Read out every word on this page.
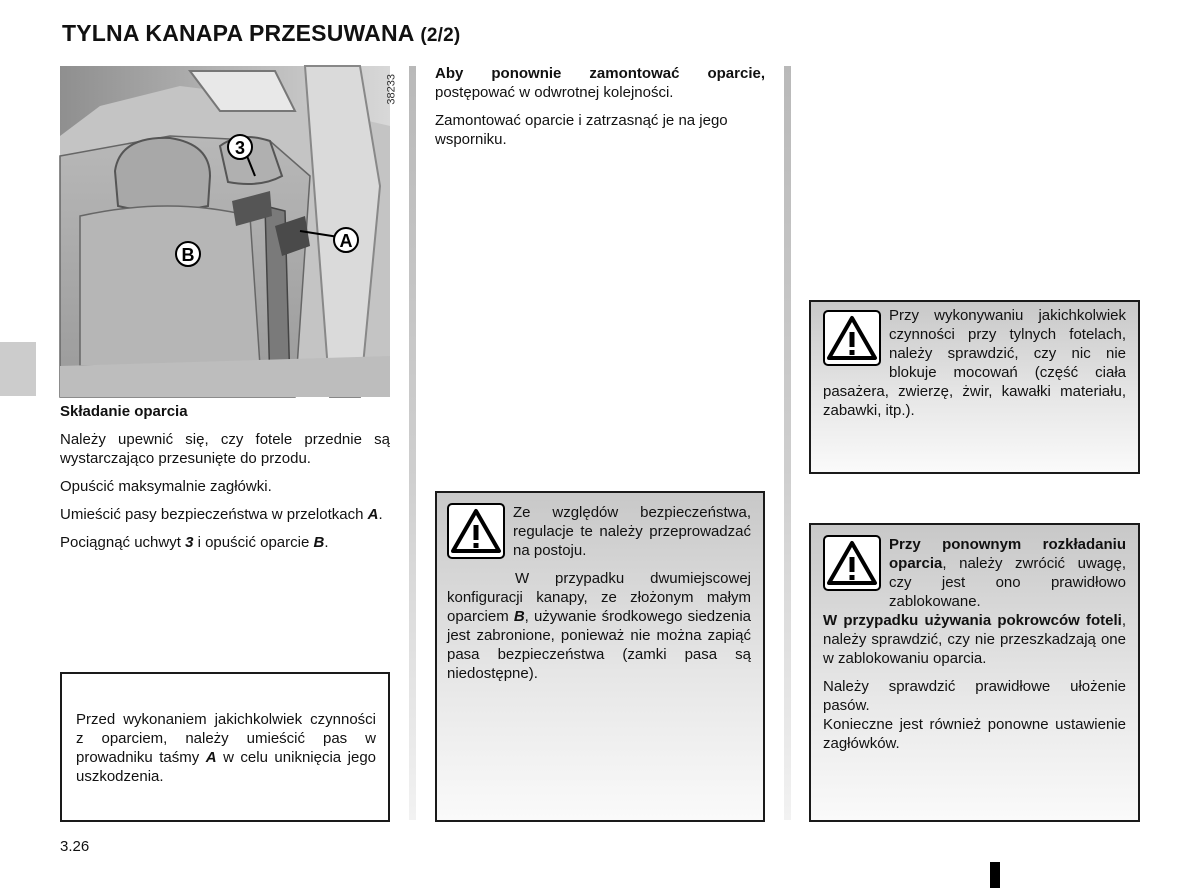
TYLNA KANAPA PRZESUWANA (2/2)
3
A
B
38233

Składanie oparcia

Należy upewnić się, czy fotele przednie są wystarczająco przesunięte do przodu.

Opuścić maksymalnie zagłówki.

Umieścić pasy bezpieczeństwa w przelotkach A.

Pociągnąć uchwyt 3 i opuścić oparcie B.

Przed wykonaniem jakichkolwiek czynności z oparciem, należy umieścić pas w prowadniku taśmy A w celu uniknięcia jego uszkodzenia.

Aby ponownie zamontować oparcie, postępować w odwrotnej kolejności.

Zamontować oparcie i zatrzasnąć je na jego wsporniku.

Ze względów bezpieczeństwa, regulacje te należy przeprowadzać na postoju.

W przypadku dwumiejscowej konfiguracji kanapy, ze złożonym małym oparciem B, używanie środkowego siedzenia jest zabronione, ponieważ nie można zapiąć pasa bezpieczeństwa (zamki pasa są niedostępne).

Przy wykonywaniu jakichkolwiek czynności przy tylnych fotelach, należy sprawdzić, czy nic nie blokuje mocowań (część ciała pasażera, zwierzę, żwir, kawałki materiału, zabawki, itp.).

Przy ponownym rozkładaniu oparcia, należy zwrócić uwagę, czy jest ono prawidłowo zablokowane.
W przypadku używania pokrowców foteli, należy sprawdzić, czy nie przeszkadzają one w zablokowaniu oparcia.

Należy sprawdzić prawidłowe ułożenie pasów.

Konieczne jest również ponowne ustawienie zagłówków.

3.26
